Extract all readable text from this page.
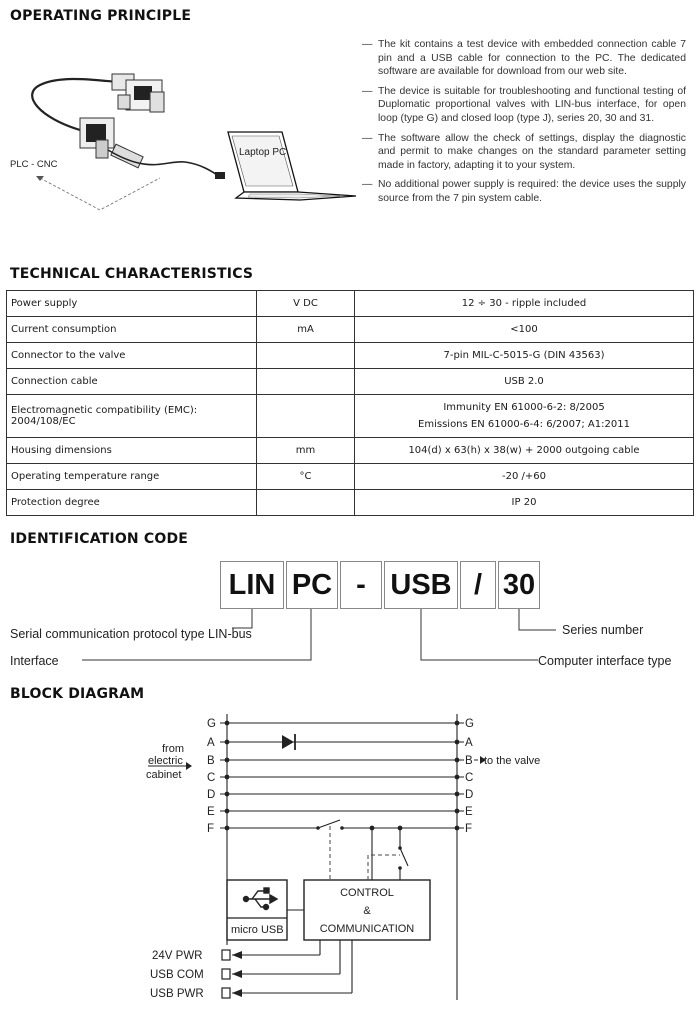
OPERATING PRINCIPLE
TECHNICAL CHARACTERISTICS
IDENTIFICATION CODE
BLOCK DIAGRAM
Laptop PC
PLC - CNC
— The kit contains a test device with embedded connection cable 7 pin and a USB cable for connection to the PC. The dedicated software are available for download from our web site.
— The device is suitable for troubleshooting and functional testing of Duplomatic proportional valves with LIN-bus interface, for open loop (type G) and closed loop (type J), series 20, 30 and 31.
— The software allow the check of settings, display the diagnostic and permit to make changes on the standard parameter setting made in factory, adapting it to your system.
— No additional power supply is required: the device uses the supply source from the 7 pin system cable.
Power supply	V DC	12 ÷ 30 - ripple included
Current consumption	mA	<100
Connector to the valve		7-pin MIL-C-5015-G (DIN 43563)
Connection cable		USB 2.0
Electromagnetic compatibility (EMC): 2004/108/EC		Immunity EN 61000-6-2: 8/2005
Emissions EN 61000-6-4: 6/2007; A1:2011

Housing dimensions	mm	104(d) x 63(h) x 38(w) + 2000 outgoing cable
Operating temperature range	°C	-20 /+60
Protection degree		IP 20
LIN PC - USB / 30
Serial communication protocol type LIN-bus
Interface
Series number
Computer interface type
G
A
B
C
D
E
F
G
A
B
C
D
E
F
from
electric
cabinet
to the valve
micro USB
CONTROL
&
COMMUNICATION
24V PWR
USB COM
USB PWR
